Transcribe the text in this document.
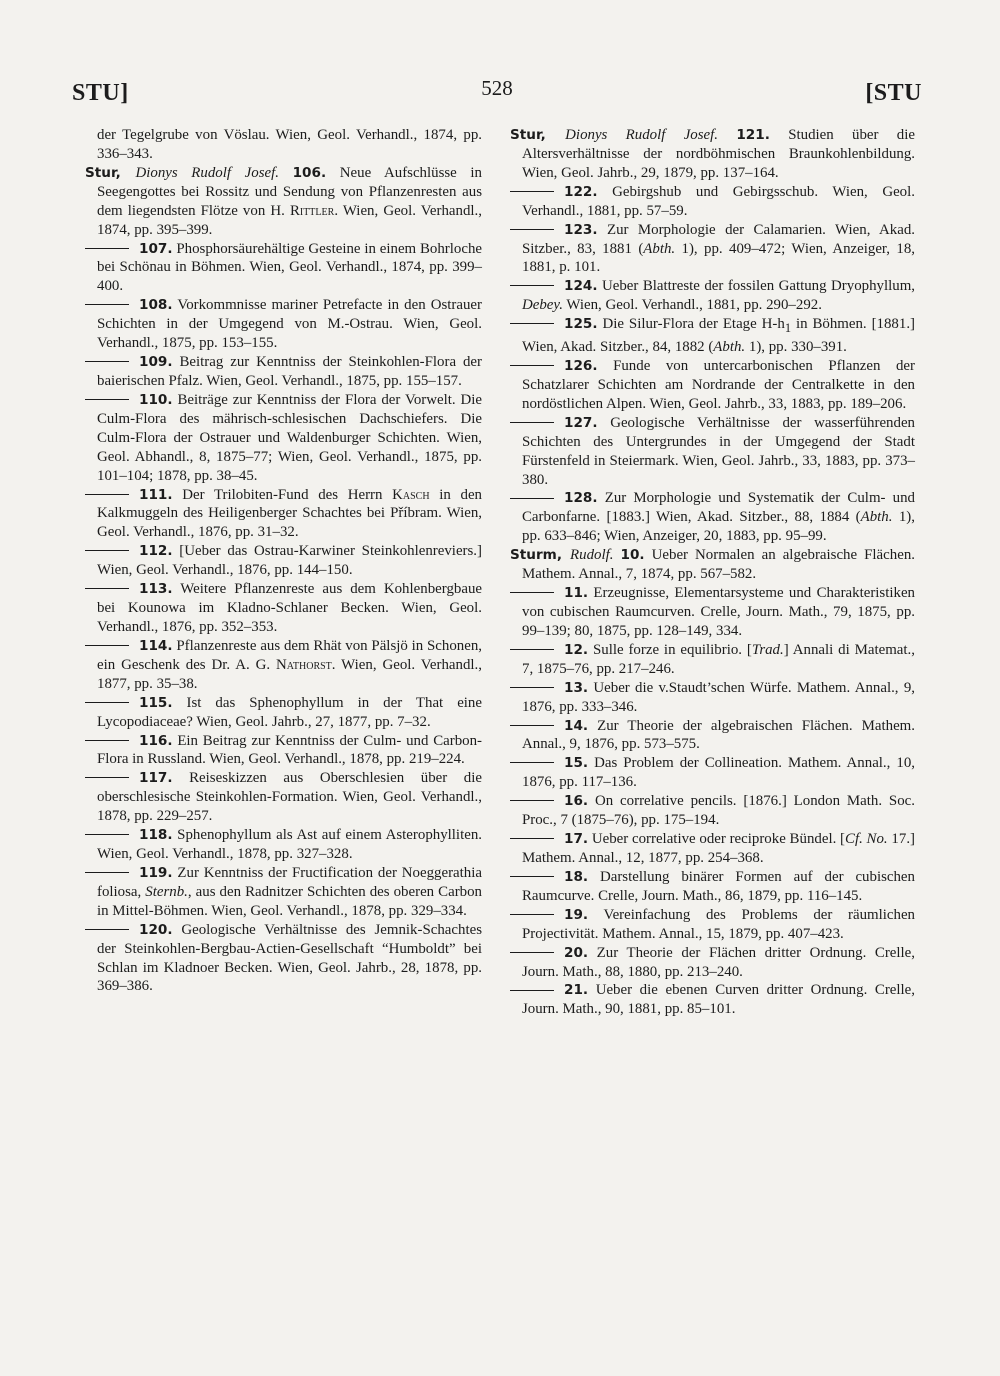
STU]	528	[STU

der Tegelgrube von Vöslau. Wien, Geol. Verhandl., 1874, pp. 336–343.

Stur, Dionys Rudolf Josef. 106. Neue Aufschlüsse in Seegengottes bei Rossitz und Sendung von Pflanzenresten aus dem liegendsten Flötze von H. Rittler. Wien, Geol. Verhandl., 1874, pp. 395–399.

107. Phosphorsäurehältige Gesteine in einem Bohrloche bei Schönau in Böhmen. Wien, Geol. Verhandl., 1874, pp. 399–400.

108. Vorkommnisse mariner Petrefacte in den Ostrauer Schichten in der Umgegend von M.-Ostrau. Wien, Geol. Verhandl., 1875, pp. 153–155.

109. Beitrag zur Kenntniss der Steinkohlen-Flora der baierischen Pfalz. Wien, Geol. Verhandl., 1875, pp. 155–157.

110. Beiträge zur Kenntniss der Flora der Vorwelt. Die Culm-Flora des mährisch-schlesischen Dachschiefers. Die Culm-Flora der Ostrauer und Waldenburger Schichten. Wien, Geol. Abhandl., 8, 1875–77; Wien, Geol. Verhandl., 1875, pp. 101–104; 1878, pp. 38–45.

111. Der Trilobiten-Fund des Herrn Kasch in den Kalkmuggeln des Heiligenberger Schachtes bei Příbram. Wien, Geol. Verhandl., 1876, pp. 31–32.

112. [Ueber das Ostrau-Karwiner Steinkohlenreviers.] Wien, Geol. Verhandl., 1876, pp. 144–150.

113. Weitere Pflanzenreste aus dem Kohlenbergbaue bei Kounowa im Kladno-Schlaner Becken. Wien, Geol. Verhandl., 1876, pp. 352–353.

114. Pflanzenreste aus dem Rhät von Pälsjö in Schonen, ein Geschenk des Dr. A. G. Nathorst. Wien, Geol. Verhandl., 1877, pp. 35–38.

115. Ist das Sphenophyllum in der That eine Lycopodiaceae? Wien, Geol. Jahrb., 27, 1877, pp. 7–32.

116. Ein Beitrag zur Kenntniss der Culm- und Carbon-Flora in Russland. Wien, Geol. Verhandl., 1878, pp. 219–224.

117. Reiseskizzen aus Oberschlesien über die oberschlesische Steinkohlen-Formation. Wien, Geol. Verhandl., 1878, pp. 229–257.

118. Sphenophyllum als Ast auf einem Asterophylliten. Wien, Geol. Verhandl., 1878, pp. 327–328.

119. Zur Kenntniss der Fructification der Noeggerathia foliosa, Sternb., aus den Radnitzer Schichten des oberen Carbon in Mittel-Böhmen. Wien, Geol. Verhandl., 1878, pp. 329–334.

120. Geologische Verhältnisse des Jemnik-Schachtes der Steinkohlen-Bergbau-Actien-Gesellschaft “Humboldt” bei Schlan im Kladnoer Becken. Wien, Geol. Jahrb., 28, 1878, pp. 369–386.

Stur, Dionys Rudolf Josef. 121. Studien über die Altersverhältnisse der nordböhmischen Braunkohlenbildung. Wien, Geol. Jahrb., 29, 1879, pp. 137–164.

122. Gebirgshub und Gebirgsschub. Wien, Geol. Verhandl., 1881, pp. 57–59.

123. Zur Morphologie der Calamarien. Wien, Akad. Sitzber., 83, 1881 (Abth. 1), pp. 409–472; Wien, Anzeiger, 18, 1881, p. 101.

124. Ueber Blattreste der fossilen Gattung Dryophyllum, Debey. Wien, Geol. Verhandl., 1881, pp. 290–292.

125. Die Silur-Flora der Etage $H-h_1$ in Böhmen. [1881.] Wien, Akad. Sitzber., 84, 1882 (Abth. 1), pp. 330–391.

126. Funde von untercarbonischen Pflanzen der Schatzlarer Schichten am Nordrande der Centralkette in den nordöstlichen Alpen. Wien, Geol. Jahrb., 33, 1883, pp. 189–206.

127. Geologische Verhältnisse der wasserführenden Schichten des Untergrundes in der Umgegend der Stadt Fürstenfeld in Steiermark. Wien, Geol. Jahrb., 33, 1883, pp. 373–380.

128. Zur Morphologie und Systematik der Culm- und Carbonfarne. [1883.] Wien, Akad. Sitzber., 88, 1884 (Abth. 1), pp. 633–846; Wien, Anzeiger, 20, 1883, pp. 95–99.

Sturm, Rudolf. 10. Ueber Normalen an algebraische Flächen. Mathem. Annal., 7, 1874, pp. 567–582.

11. Erzeugnisse, Elementarsysteme und Charakteristiken von cubischen Raumcurven. Crelle, Journ. Math., 79, 1875, pp. 99–139; 80, 1875, pp. 128–149, 334.

12. Sulle forze in equilibrio. [Trad.] Annali di Matemat., 7, 1875–76, pp. 217–246.

13. Ueber die v.Staudt’schen Würfe. Mathem. Annal., 9, 1876, pp. 333–346.

14. Zur Theorie der algebraischen Flächen. Mathem. Annal., 9, 1876, pp. 573–575.

15. Das Problem der Collineation. Mathem. Annal., 10, 1876, pp. 117–136.

16. On correlative pencils. [1876.] London Math. Soc. Proc., 7 (1875–76), pp. 175–194.

17. Ueber correlative oder reciproke Bündel. [Cf. No. 17.] Mathem. Annal., 12, 1877, pp. 254–368.

18. Darstellung binärer Formen auf der cubischen Raumcurve. Crelle, Journ. Math., 86, 1879, pp. 116–145.

19. Vereinfachung des Problems der räumlichen Projectivität. Mathem. Annal., 15, 1879, pp. 407–423.

20. Zur Theorie der Flächen dritter Ordnung. Crelle, Journ. Math., 88, 1880, pp. 213–240.

21. Ueber die ebenen Curven dritter Ordnung. Crelle, Journ. Math., 90, 1881, pp. 85–101.
